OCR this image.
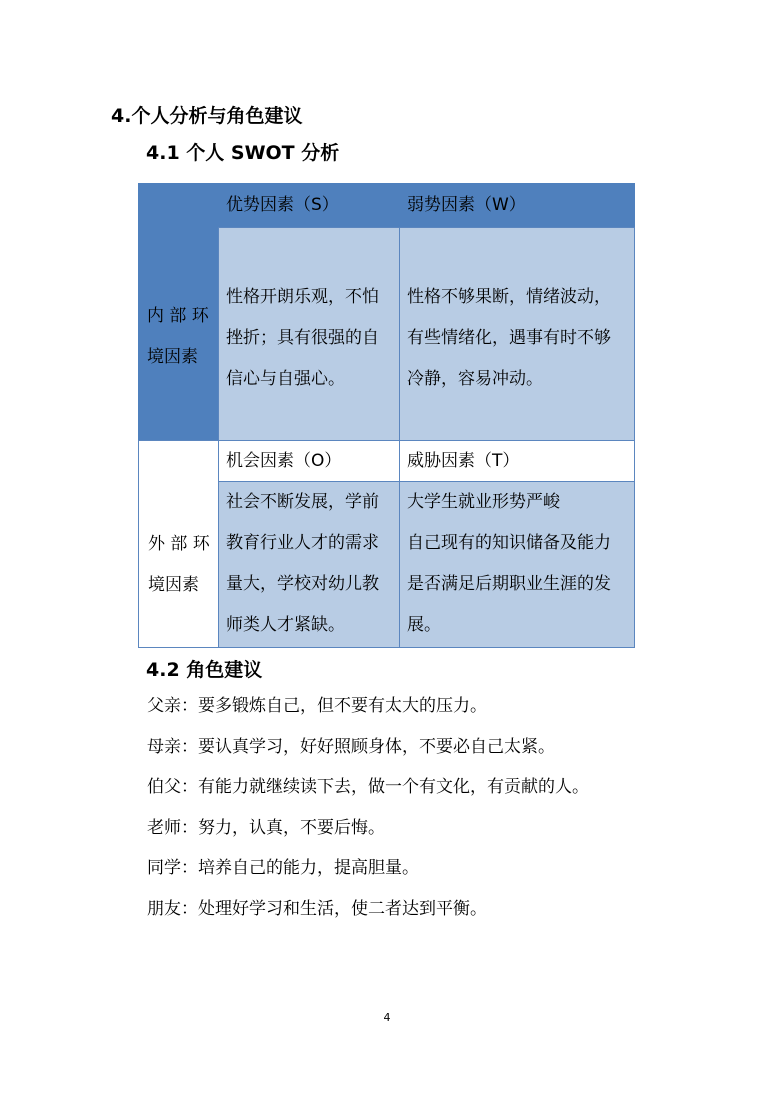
4.个人分析与角色建议
4.1 个人 SWOT 分析

内 部 环

境因素

优势因素（S）	弱势因素（W）

性格开朗乐观，不怕

挫折；具有很强的自

信心与自强心。

性格不够果断，情绪波动，

有些情绪化，遇事有时不够

冷静，容易冲动。

外 部 环

境因素

机会因素（O）	威胁因素（T）

社会不断发展，学前

教育行业人才的需求

量大，学校对幼儿教

师类人才紧缺。

大学生就业形势严峻

自己现有的知识储备及能力

是否满足后期职业生涯的发

展。

4.2 角色建议

父亲：要多锻炼自己，但不要有太大的压力。

母亲：要认真学习，好好照顾身体，不要必自己太紧。

伯父：有能力就继续读下去，做一个有文化，有贡献的人。

老师：努力，认真，不要后悔。

同学：培养自己的能力，提高胆量。

朋友：处理好学习和生活，使二者达到平衡。

4
